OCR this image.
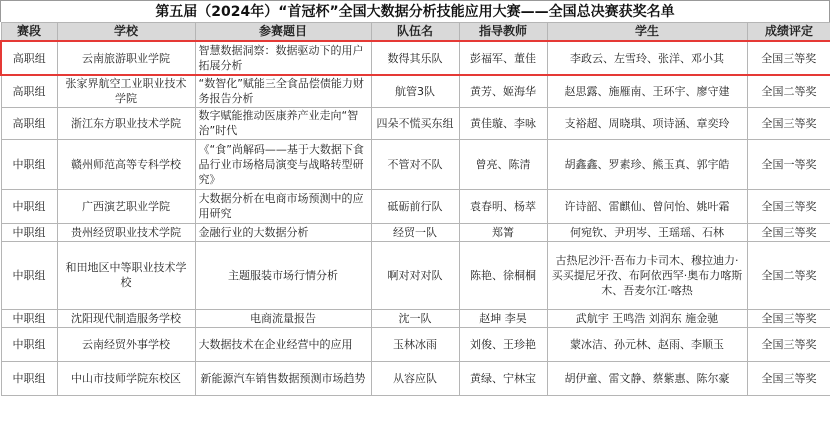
第五届（2024年）“首冠杯”全国大数据分析技能应用大赛——全国总决赛获奖名单
赛段	学校	参赛题目	队伍名	指导教师	学生	成绩评定
高职组	云南旅游职业学院	智慧数据洞察：数据驱动下的用户拓展分析	数得其乐队	彭福军、董佳	李政云、左雪玲、张洋、邓小其	全国三等奖
高职组	张家界航空工业职业技术学院	“数智化”赋能三全食品偿债能力财务报告分析	航管3队	黄芳、姬海华	赵思露、施雁南、王环宇、廖守建	全国二等奖
高职组	浙江东方职业技术学院	数字赋能推动医康养产业走向“智治”时代	四朵不慌买东组	黄佳璇、李咏	支裕超、周晓琪、项诗涵、章奕玲	全国三等奖
中职组	赣州师范高等专科学校	《“食”尚解码——基于大数据下食品行业市场格局演变与战略转型研究》	不管对不队	曾亮、陈清	胡鑫鑫、罗素珍、熊玉真、郭宇皓	全国一等奖
中职组	广西演艺职业学院	大数据分析在电商市场预测中的应用研究	砥砺前行队	袁春明、杨萃	许诗韶、雷麒仙、曾问怡、姚叶霜	全国三等奖
中职组	贵州经贸职业技术学院	金融行业的大数据分析	经贸一队	郑箐	何宛钦、尹玥岑、王瑶瑶、石林	全国三等奖
中职组	和田地区中等职业技术学校	主题服装市场行情分析	啊对对对队	陈艳、徐桐桐	古热尼沙汗·吾布力卡司木、穆拉迪力·买买提尼牙孜、布阿依西罕·奥布力喀斯木、吾麦尔江·喀热	全国二等奖
中职组	沈阳现代制造服务学校	电商流量报告	沈一队	赵坤 李昊	武航宇 王鸣浩 刘润东 施金驰	全国三等奖
中职组	云南经贸外事学校	大数据技术在企业经营中的应用	玉林冰雨	刘俊、王珍艳	蒙冰洁、孙元林、赵雨、李顺玉	全国三等奖
中职组	中山市技师学院东校区	新能源汽车销售数据预测市场趋势	从容应队	黄绿、宁林宝	胡伊童、雷文静、蔡紫惠、陈尔豪	全国三等奖
